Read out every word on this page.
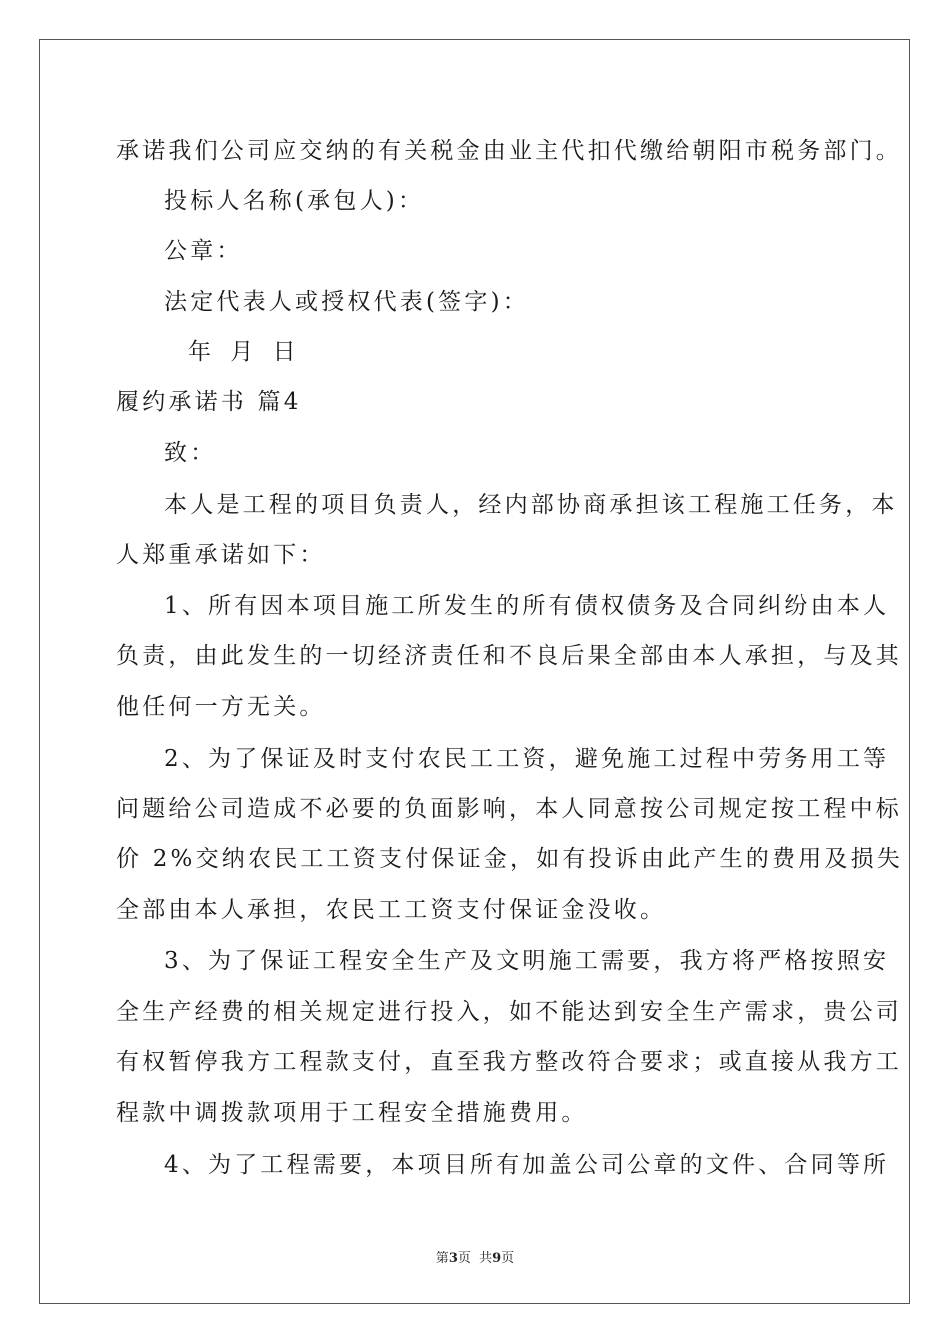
承诺我们公司应交纳的有关税金由业主代扣代缴给朝阳市税务部门。
投标人名称(承包人)：
公章：
法定代表人或授权代表(签字)：
年 月 日
履约承诺书 篇4
致：
本人是工程的项目负责人，经内部协商承担该工程施工任务，本
人郑重承诺如下：
1、所有因本项目施工所发生的所有债权债务及合同纠纷由本人
负责，由此发生的一切经济责任和不良后果全部由本人承担，与及其
他任何一方无关。
2、为了保证及时支付农民工工资，避免施工过程中劳务用工等
问题给公司造成不必要的负面影响，本人同意按公司规定按工程中标
价 2%交纳农民工工资支付保证金，如有投诉由此产生的费用及损失
全部由本人承担，农民工工资支付保证金没收。
3、为了保证工程安全生产及文明施工需要，我方将严格按照安
全生产经费的相关规定进行投入，如不能达到安全生产需求，贵公司
有权暂停我方工程款支付，直至我方整改符合要求；或直接从我方工
程款中调拨款项用于工程安全措施费用。
4、为了工程需要，本项目所有加盖公司公章的文件、合同等所
第3页  共9页
